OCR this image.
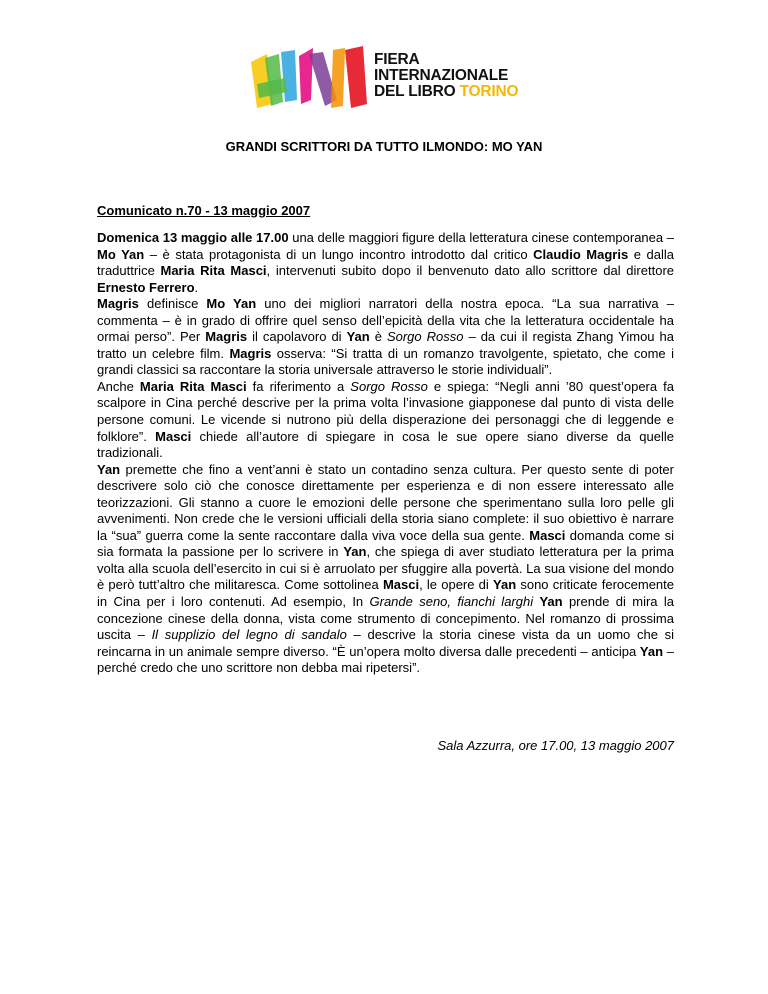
FIERA
INTERNAZIONALE
DEL LIBRO TORINO
GRANDI SCRITTORI DA TUTTO ILMONDO: MO YAN
Comunicato n.70 - 13 maggio 2007

Domenica 13 maggio alle 17.00 una delle maggiori figure della letteratura cinese contemporanea – Mo Yan – è stata protagonista di un lungo incontro introdotto dal critico Claudio Magris e dalla traduttrice Maria Rita Masci, intervenuti subito dopo il benvenuto dato allo scrittore dal direttore Ernesto Ferrero.

Magris definisce Mo Yan uno dei migliori narratori della nostra epoca. “La sua narrativa – commenta – è in grado di offrire quel senso dell’epicità della vita che la letteratura occidentale ha ormai perso”. Per Magris il capolavoro di Yan è Sorgo Rosso – da cui il regista Zhang Yimou ha tratto un celebre film. Magris osserva: “Si tratta di un romanzo travolgente, spietato, che come i grandi classici sa raccontare la storia universale attraverso le storie individuali”.

Anche Maria Rita Masci fa riferimento a Sorgo Rosso e spiega: “Negli anni ’80 quest’opera fa scalpore in Cina perché descrive per la prima volta l’invasione giapponese dal punto di vista delle persone comuni. Le vicende si nutrono più della disperazione dei personaggi che di leggende e folklore”. Masci chiede all’autore di spiegare in cosa le sue opere siano diverse da quelle tradizionali.

Yan premette che fino a vent’anni è stato un contadino senza cultura. Per questo sente di poter descrivere solo ciò che conosce direttamente per esperienza e di non essere interessato alle teorizzazioni. Gli stanno a cuore le emozioni delle persone che sperimentano sulla loro pelle gli avvenimenti. Non crede che le versioni ufficiali della storia siano complete: il suo obiettivo è narrare la “sua” guerra come la sente raccontare dalla viva voce della sua gente. Masci domanda come si sia formata la passione per lo scrivere in Yan, che spiega di aver studiato letteratura per la prima volta alla scuola dell’esercito in cui si è arruolato per sfuggire alla povertà. La sua visione del mondo è però tutt’altro che militaresca. Come sottolinea Masci, le opere di Yan sono criticate ferocemente in Cina per i loro contenuti. Ad esempio, In Grande seno, fianchi larghi Yan prende di mira la concezione cinese della donna, vista come strumento di concepimento. Nel romanzo di prossima uscita – Il supplizio del legno di sandalo – descrive la storia cinese vista da un uomo che si reincarna in un animale sempre diverso. “È un’opera molto diversa dalle precedenti – anticipa Yan – perché credo che uno scrittore non debba mai ripetersi”.

Sala Azzurra, ore 17.00, 13 maggio 2007
